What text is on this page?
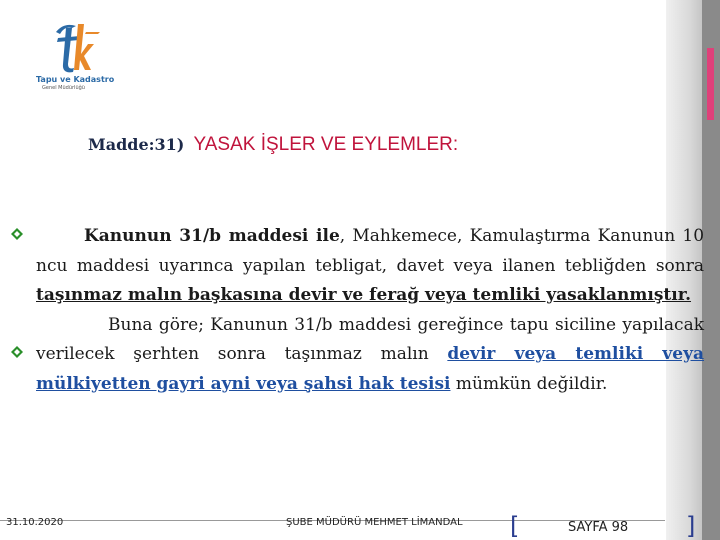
Tapu ve Kadastro
Genel Müdürlüğü
Madde:31) YASAK İŞLER VE EYLEMLER:

Kanunun 31/b maddesi ile, Mahkemece, Kamulaştırma Kanunun 10 ncu maddesi uyarınca yapılan tebligat, davet veya ilanen tebliğden sonra taşınmaz malın başkasına devir ve ferağ veya temliki yasaklanmıştır.

Buna göre; Kanunun 31/b maddesi gereğince tapu siciline yapılacak verilecek şerhten sonra taşınmaz malın devir veya temliki veya mülkiyetten gayri ayni veya şahsi hak tesisi mümkün değildir.

31.10.2020	ŞUBE MÜDÜRÜ MEHMET LİMANDAL [	SAYFA 98 ]
